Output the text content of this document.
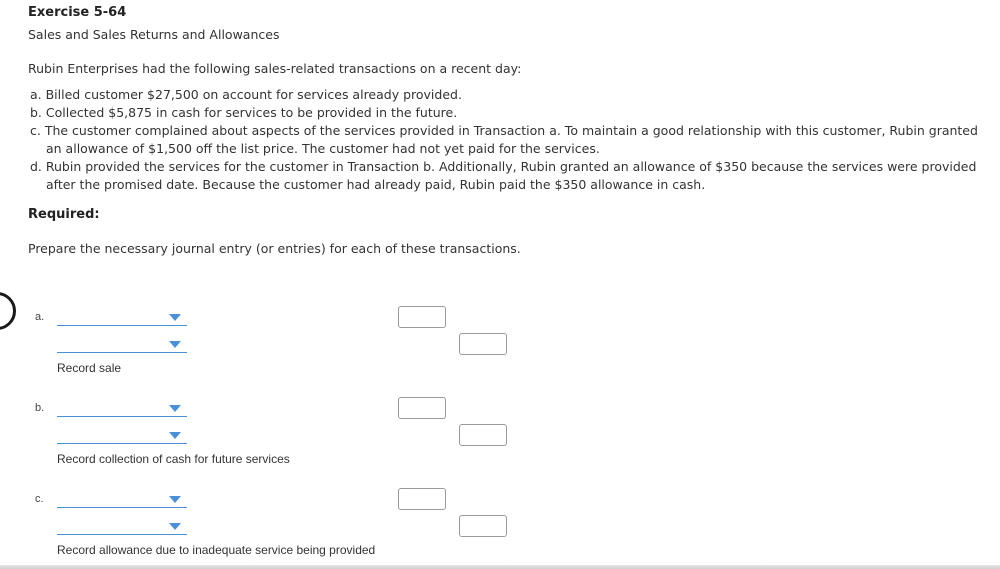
Exercise 5-64
Sales and Sales Returns and Allowances
Rubin Enterprises had the following sales-related transactions on a recent day:
a. Billed customer $27,500 on account for services already provided.
b. Collected $5,875 in cash for services to be provided in the future.
c. The customer complained about aspects of the services provided in Transaction a. To maintain a good relationship with this customer, Rubin granted an allowance of $1,500 off the list price. The customer had not yet paid for the services.
d. Rubin provided the services for the customer in Transaction b. Additionally, Rubin granted an allowance of $350 because the services were provided after the promised date. Because the customer had already paid, Rubin paid the $350 allowance in cash.
Required:
Prepare the necessary journal entry (or entries) for each of these transactions.
a.
Record sale
b.
Record collection of cash for future services
c.
Record allowance due to inadequate service being provided
